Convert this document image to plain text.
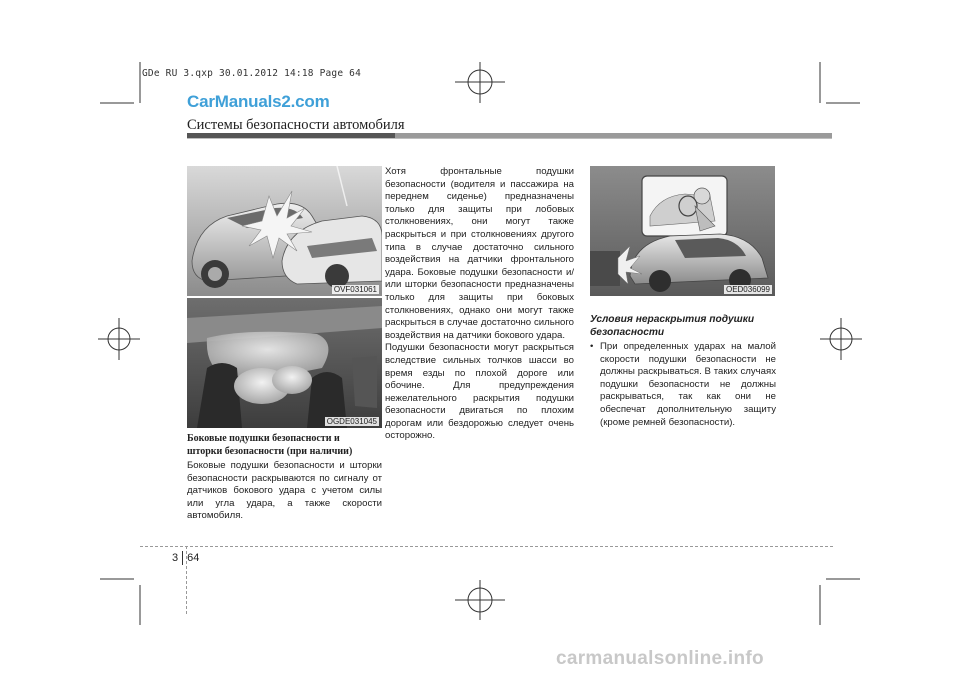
GDe RU 3.qxp 30.01.2012 14:18 Page 64
CarManuals2.com
Системы безопасности автомобиля
OVF031061
OGDE031045
Боковые подушки безопасности и
шторки безопасности (при наличии)
Боковые подушки безопасности и шторки безопасности раскрываются по сигналу от датчиков бокового удара с учетом силы или угла удара, а также скорости автомобиля.
Хотя фронтальные подушки безопасности (водителя и пассажира на переднем сиденье) предназначены только для защиты при лобовых столкновениях, они могут также раскрыться и при столкновениях другого типа в случае достаточно сильного воздействия на датчики фронтального удара. Боковые подушки безопасности и/или шторки безопасности предназначены только для защиты при боковых столкновениях, однако они могут также раскрыться в случае достаточно сильного воздействия на датчики бокового удара.
Подушки безопасности могут раскрыться вследствие сильных толчков шасси во время езды по плохой дороге или обочине. Для предупреждения нежелательного раскрытия подушки безопасности двигаться по плохим дорогам или бездорожью следует очень осторожно.
OED036099
Условия нераскрытия подушки
безопасности
• При определенных ударах на малой скорости подушки безопасности не должны раскрываться. В таких случаях подушки безопасности не должны раскрываться, так как они не обеспечат дополнительную защиту (кроме ремней безопасности).
3 64
carmanualsonline.info
